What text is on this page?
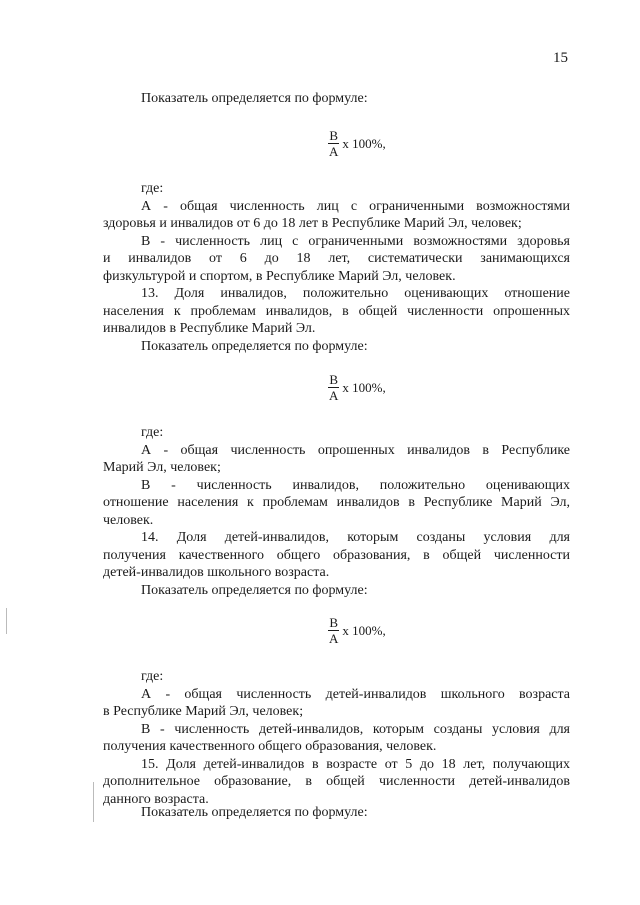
15

Показатель определяется по формуле:

$\frac{В}{А}$ х 100%,

где:

А - общая численность лиц с ограниченными возможностями

здоровья и инвалидов от 6 до 18 лет в Республике Марий Эл, человек;

В - численность лиц с ограниченными возможностями здоровья

и инвалидов от 6 до 18 лет, систематически занимающихся

физкультурой и спортом, в Республике Марий Эл, человек.

13. Доля инвалидов, положительно оценивающих отношение

населения к проблемам инвалидов, в общей численности опрошенных

инвалидов в Республике Марий Эл.

Показатель определяется по формуле:

$\frac{В}{А}$ х 100%,

где:

А - общая численность опрошенных инвалидов в Республике

Марий Эл, человек;

В - численность инвалидов, положительно оценивающих

отношение населения к проблемам инвалидов в Республике Марий Эл,

человек.

14. Доля детей-инвалидов, которым созданы условия для

получения качественного общего образования, в общей численности

детей-инвалидов школьного возраста.

Показатель определяется по формуле:

$\frac{В}{А}$ х 100%,

где:

А - общая численность детей-инвалидов школьного возраста

в Республике Марий Эл, человек;

В - численность детей-инвалидов, которым созданы условия для

получения качественного общего образования, человек.

15. Доля детей-инвалидов в возрасте от 5 до 18 лет, получающих

дополнительное образование, в общей численности детей-инвалидов

данного возраста.

Показатель определяется по формуле:
